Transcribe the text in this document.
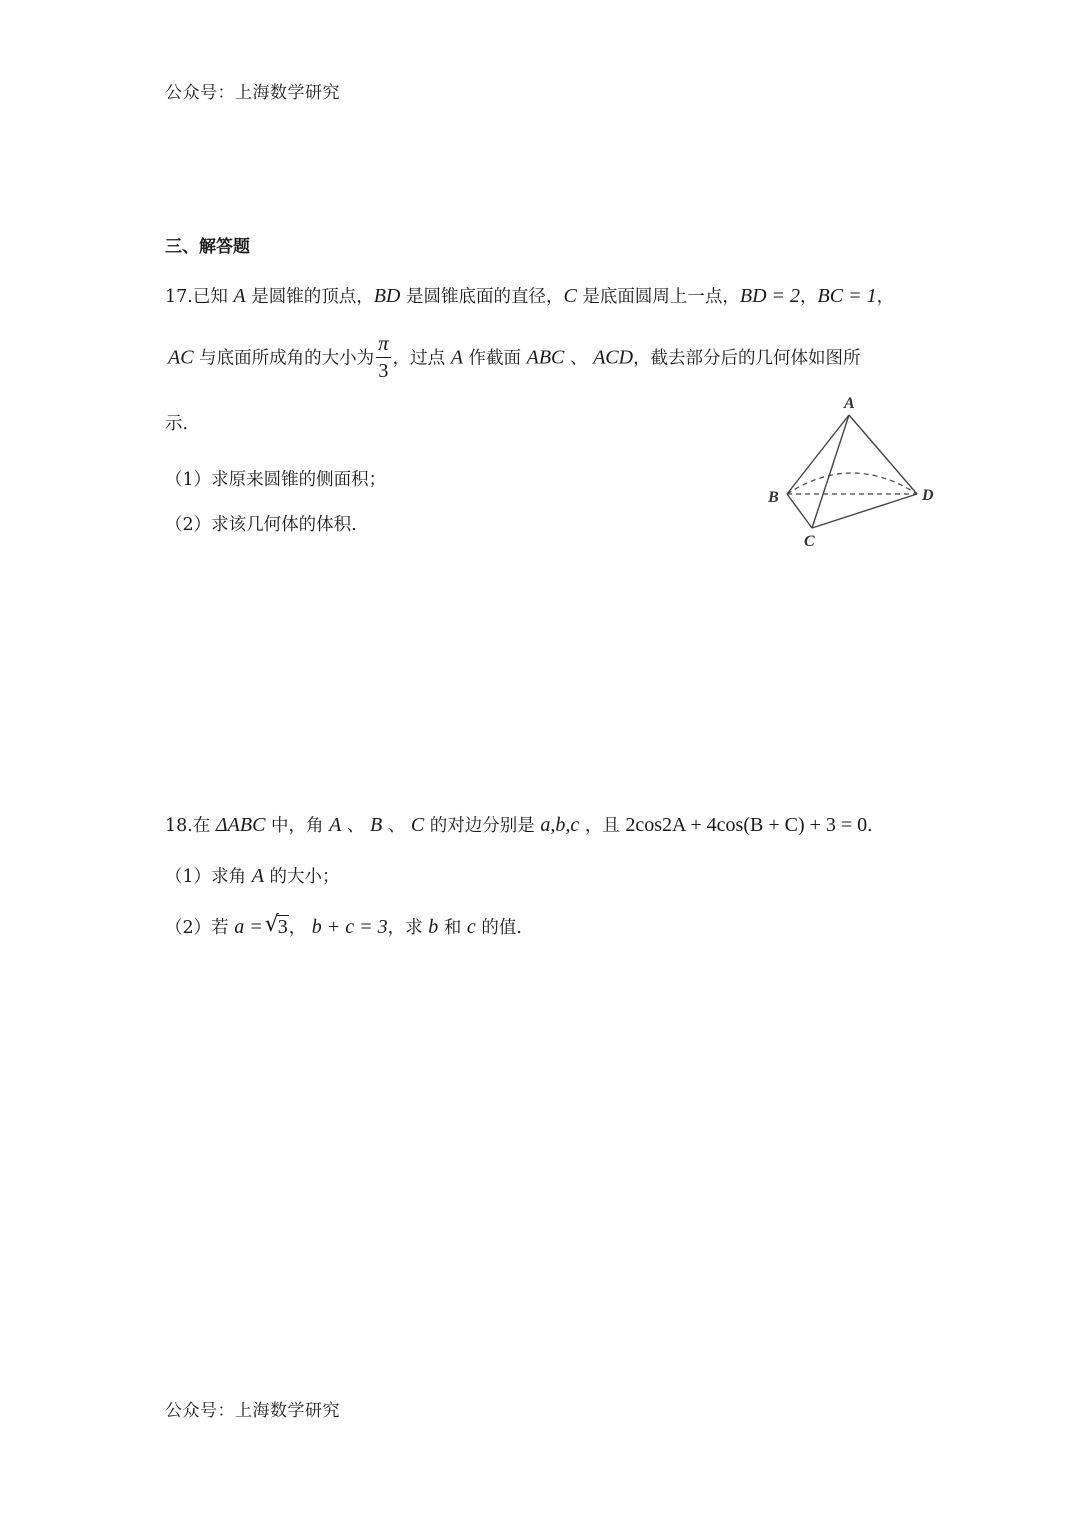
公众号：上海数学研究
三、解答题
17.已知 A 是圆锥的顶点，BD 是圆锥底面的直径，C 是底面圆周上一点，BD = 2，BC = 1，
AC 与底面所成角的大小为 $\frac{\pi}{3}$ ，过点 A 作截面 ABC 、 ACD，截去部分后的几何体如图所
示.
（1）求原来圆锥的侧面积；
（2）求该几何体的体积.
A
B
C
D
18.在 ΔABC 中，角 A 、 B 、 C 的对边分别是 a,b,c ，且 2cos2A + 4cos(B + C) + 3 = 0.
（1）求角 A 的大小；
（2）若 a = √
3， b + c = 3，求 b 和 c 的值.
公众号：上海数学研究
